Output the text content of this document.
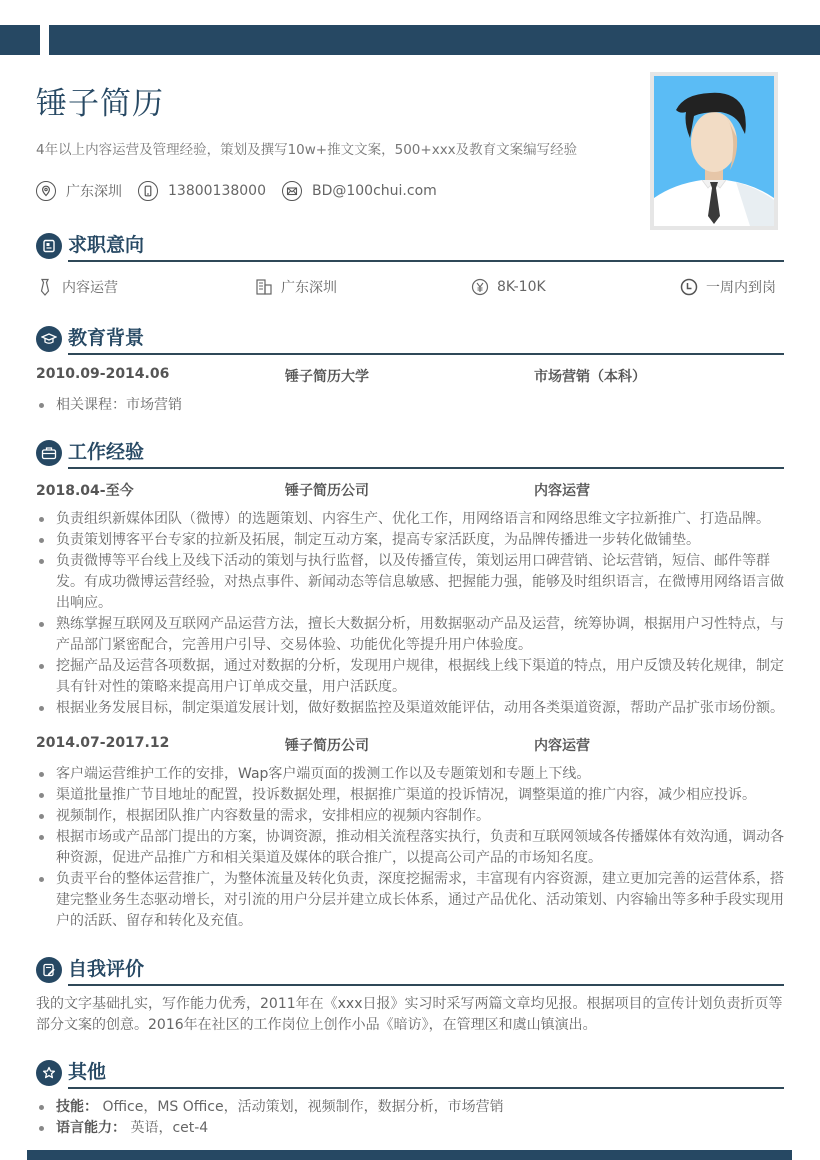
锤子简历
4年以上内容运营及管理经验，策划及撰写10w+推文文案，500+xxx及教育文案编写经验
广东深圳	13800138000	BD@100chui.com
求职意向
内容运营	广东深圳	8K-10K	一周内到岗
教育背景
2010.09-2014.06	锤子简历大学	市场营销（本科）
相关课程：市场营销
工作经验
2018.04-至今	锤子简历公司	内容运营
负责组织新媒体团队（微博）的选题策划、内容生产、优化工作，用网络语言和网络思维文字拉新推广、打造品牌。
负责策划博客平台专家的拉新及拓展，制定互动方案，提高专家活跃度，为品牌传播进一步转化做铺垫。
负责微博等平台线上及线下活动的策划与执行监督，以及传播宣传，策划运用口碑营销、论坛营销，短信、邮件等群发。有成功微博运营经验，对热点事件、新闻动态等信息敏感、把握能力强，能够及时组织语言，在微博用网络语言做出响应。
熟练掌握互联网及互联网产品运营方法，擅长大数据分析，用数据驱动产品及运营，统筹协调，根据用户习性特点，与产品部门紧密配合，完善用户引导、交易体验、功能优化等提升用户体验度。
挖掘产品及运营各项数据，通过对数据的分析，发现用户规律，根据线上线下渠道的特点，用户反馈及转化规律，制定具有针对性的策略来提高用户订单成交量，用户活跃度。
根据业务发展目标，制定渠道发展计划，做好数据监控及渠道效能评估，动用各类渠道资源，帮助产品扩张市场份额。
2014.07-2017.12	锤子简历公司	内容运营
客户端运营维护工作的安排，Wap客户端页面的拨测工作以及专题策划和专题上下线。
渠道批量推广节目地址的配置，投诉数据处理，根据推广渠道的投诉情况，调整渠道的推广内容，减少相应投诉。
视频制作，根据团队推广内容数量的需求，安排相应的视频内容制作。
根据市场或产品部门提出的方案，协调资源，推动相关流程落实执行，负责和互联网领域各传播媒体有效沟通，调动各种资源，促进产品推广方和相关渠道及媒体的联合推广，以提高公司产品的市场知名度。
负责平台的整体运营推广，为整体流量及转化负责，深度挖掘需求，丰富现有内容资源，建立更加完善的运营体系，搭建完整业务生态驱动增长，对引流的用户分层并建立成长体系，通过产品优化、活动策划、内容输出等多种手段实现用户的活跃、留存和转化及充值。
自我评价
我的文字基础扎实，写作能力优秀，2011年在《xxx日报》实习时采写两篇文章均见报。根据项目的宣传计划负责折页等部分文案的创意。2016年在社区的工作岗位上创作小品《暗访》，在管理区和虞山镇演出。
其他
技能： Office，MS Office，活动策划，视频制作，数据分析，市场营销
语言能力： 英语，cet-4
